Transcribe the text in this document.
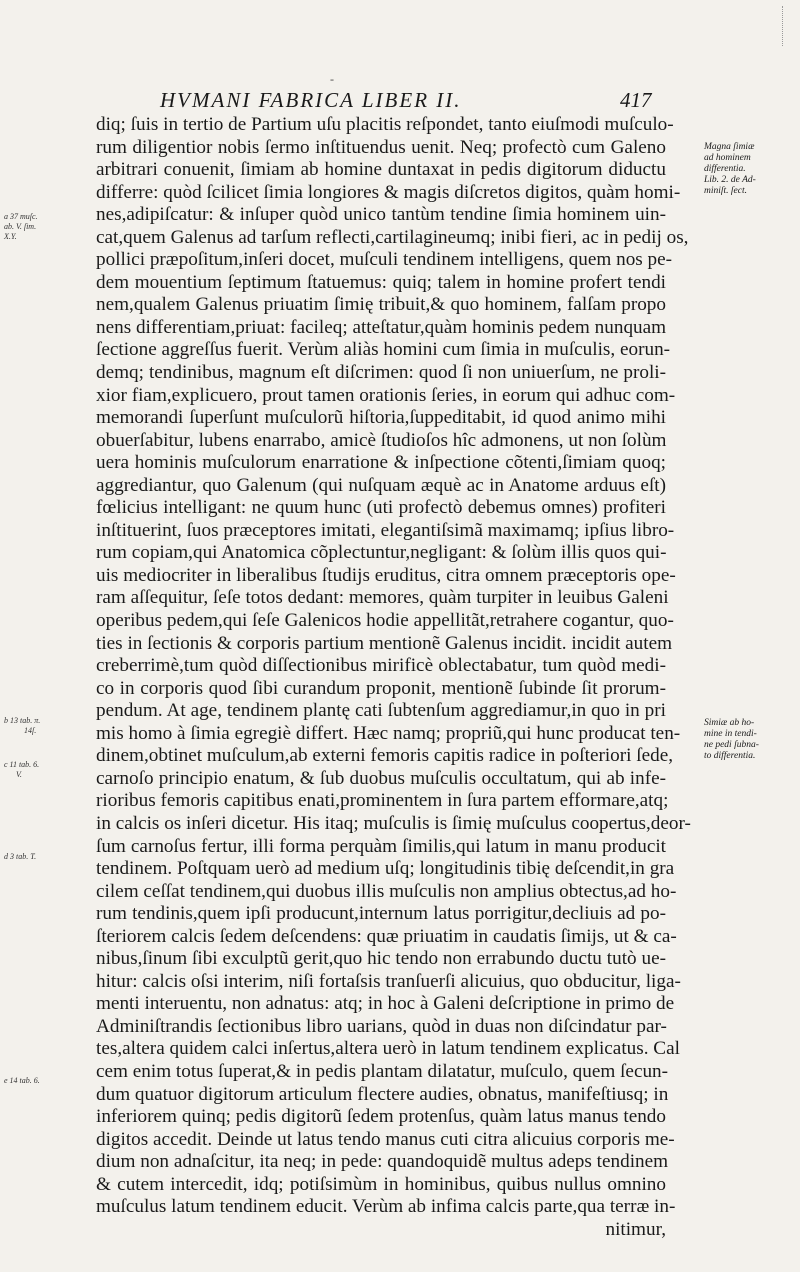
-
HVMANI FABRICA LIBER II.	417
diq; ſuis in tertio de Partium uſu placitis reſpondet, tanto eiuſmodi muſculo-
rum diligentior nobis ſermo inſtituendus uenit. Neq; profectò cum Galeno
arbitrari conuenit, ſimiam ab homine duntaxat in pedis digitorum diductu
differre: quòd ſcilicet ſimia longiores & magis diſcretos digitos, quàm homi-
nes,adipiſcatur: & inſuper quòd unico tantùm tendine ſimia hominem uin-
cat,quem Galenus ad tarſum reflecti,cartilagineumq; inibi fieri, ac in pedij os,
pollici præpoſitum,inſeri docet, muſculi tendinem intelligens, quem nos pe-
dem mouentium ſeptimum ſtatuemus: quiq; talem in homine profert tendi
nem,qualem Galenus priuatim ſimię tribuit,& quo hominem, falſam propo
nens differentiam,priuat: facileq; atteſtatur,quàm hominis pedem nunquam
ſectione aggreſſus fuerit. Verùm aliàs homini cum ſimia in muſculis, eorun-
demq; tendinibus, magnum eſt diſcrimen: quod ſi non uniuerſum, ne proli-
xior fiam,explicuero, prout tamen orationis ſeries, in eorum qui adhuc com-
memorandi ſuperſunt muſculorũ hiſtoria,ſuppeditabit, id quod animo mihi
obuerſabitur, lubens enarrabo, amicè ſtudioſos hîc admonens, ut non ſolùm
uera hominis muſculorum enarratione & inſpectione cõtenti,ſimiam quoq;
aggrediantur, quo Galenum (qui nuſquam æquè ac in Anatome arduus eſt)
fœlicius intelligant: ne quum hunc (uti profectò debemus omnes) profiteri
inſtituerint, ſuos præceptores imitati, elegantiſsimã maximamq; ipſius libro-
rum copiam,qui Anatomica cõplectuntur,negligant: & ſolùm illis quos qui-
uis mediocriter in liberalibus ſtudijs eruditus, citra omnem præceptoris ope-
ram aſſequitur, ſeſe totos dedant: memores, quàm turpiter in leuibus Galeni
operibus pedem,qui ſeſe Galenicos hodie appellitãt,retrahere cogantur, quo-
ties in ſectionis & corporis partium mentionẽ Galenus incidit. incidit autem
creberrimè,tum quòd diſſectionibus mirificè oblectabatur, tum quòd medi-
co in corporis quod ſibi curandum proponit, mentionẽ ſubinde ſit prorum-
pendum. At age, tendinem plantę cati ſubtenſum aggrediamur,in quo in pri
mis homo à ſimia egregiè differt. Hæc namq; propriũ,qui hunc producat ten-
dinem,obtinet muſculum,ab externi femoris capitis radice in poſteriori ſede,
carnoſo principio enatum, & ſub duobus muſculis occultatum, qui ab infe-
rioribus femoris capitibus enati,prominentem in ſura partem efformare,atq;
in calcis os inſeri dicetur. His itaq; muſculis is ſimię muſculus coopertus,deor-
ſum carnoſus fertur, illi forma perquàm ſimilis,qui latum in manu producit
tendinem. Poſtquam uerò ad medium uſq; longitudinis tibię deſcendit,in gra
cilem ceſſat tendinem,qui duobus illis muſculis non amplius obtectus,ad ho-
rum tendinis,quem ipſi producunt,internum latus porrigitur,decliuis ad po-
ſteriorem calcis ſedem deſcendens: quæ priuatim in caudatis ſimijs, ut & ca-
nibus,ſinum ſibi exculptũ gerit,quo hic tendo non errabundo ductu tutò ue-
hitur: calcis oſsi interim, niſi fortaſsis tranſuerſi alicuius, quo obducitur, liga-
menti interuentu, non adnatus: atq; in hoc à Galeni deſcriptione in primo de
Adminiſtrandis ſectionibus libro uarians, quòd in duas non diſcindatur par-
tes,altera quidem calci inſertus,altera uerò in latum tendinem explicatus. Cal
cem enim totus ſuperat,& in pedis plantam dilatatur, muſculo, quem ſecun-
dum quatuor digitorum articulum flectere audies, obnatus, manifeſtiusq; in
inferiorem quinq; pedis digitorũ ſedem protenſus, quàm latus manus tendo
digitos accedit. Deinde ut latus tendo manus cuti citra alicuius corporis me-
dium non adnaſcitur, ita neq; in pede: quandoquidẽ multus adeps tendinem
& cutem intercedit, idq; potiſsimùm in hominibus, quibus nullus omnino
muſculus latum tendinem educit. Verùm ab infima calcis parte,qua terræ in-
nitimur,
Magna ſimiæ
ad hominem
differentia.
Lib. 2. de Ad-
miniſt. ſect.
Simiæ ab ho-
mine in tendi-
ne pedi ſubna-
to differentia.
a 37 muſc.
ab. V. ſim.
X.Y.
b 13 tab. π.
14ſ.
c 11 tab. 6.
V.
d 3 tab. T.
e 14 tab. 6.
